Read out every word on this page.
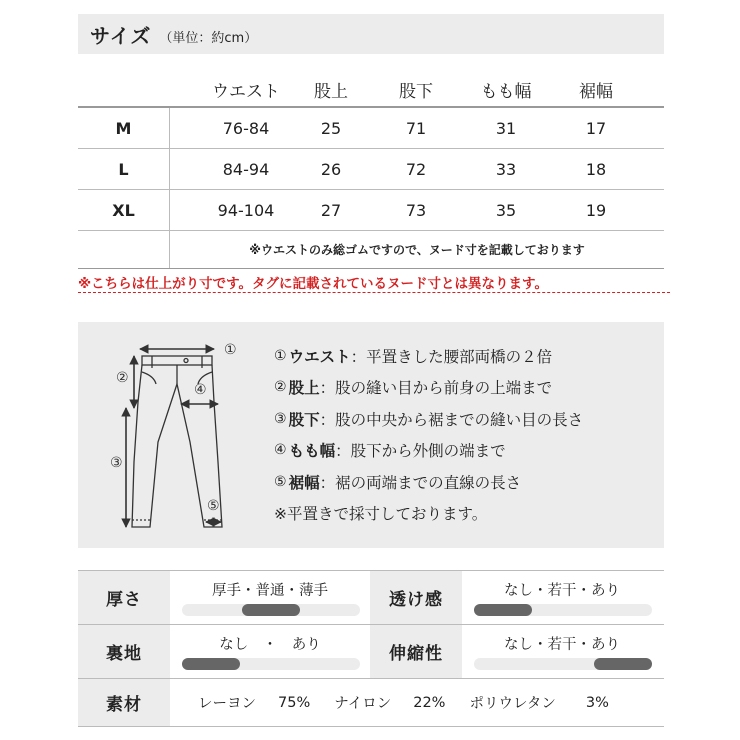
サイズ （単位：約cm）
ウエスト	股上	股下	もも幅	裾幅
M	76-84	25	71	31	17
L	84-94	26	72	33	18
XL	94-104	27	73	35	19
※ウエストのみ総ゴムですので、ヌード寸を記載しております
※こちらは仕上がり寸です。タグに記載されているヌード寸とは異なります。
①
②
③
④
⑤
① ウエスト ：平置きした腰部両橋の２倍
② 股上 ：股の縫い目から前身の上端まで
③ 股下 ：股の中央から裾までの縫い目の長さ
④ もも幅 ：股下から外側の端まで
⑤ 裾幅 ：裾の両端までの直線の長さ
※平置きで採寸しております。
厚さ	厚手・普通・薄手	透け感	なし・若干・あり
裏地	なし　・　あり	伸縮性	なし・若干・あり
素材	レーヨン 75% ナイロン 22% ポリウレタン 3%
